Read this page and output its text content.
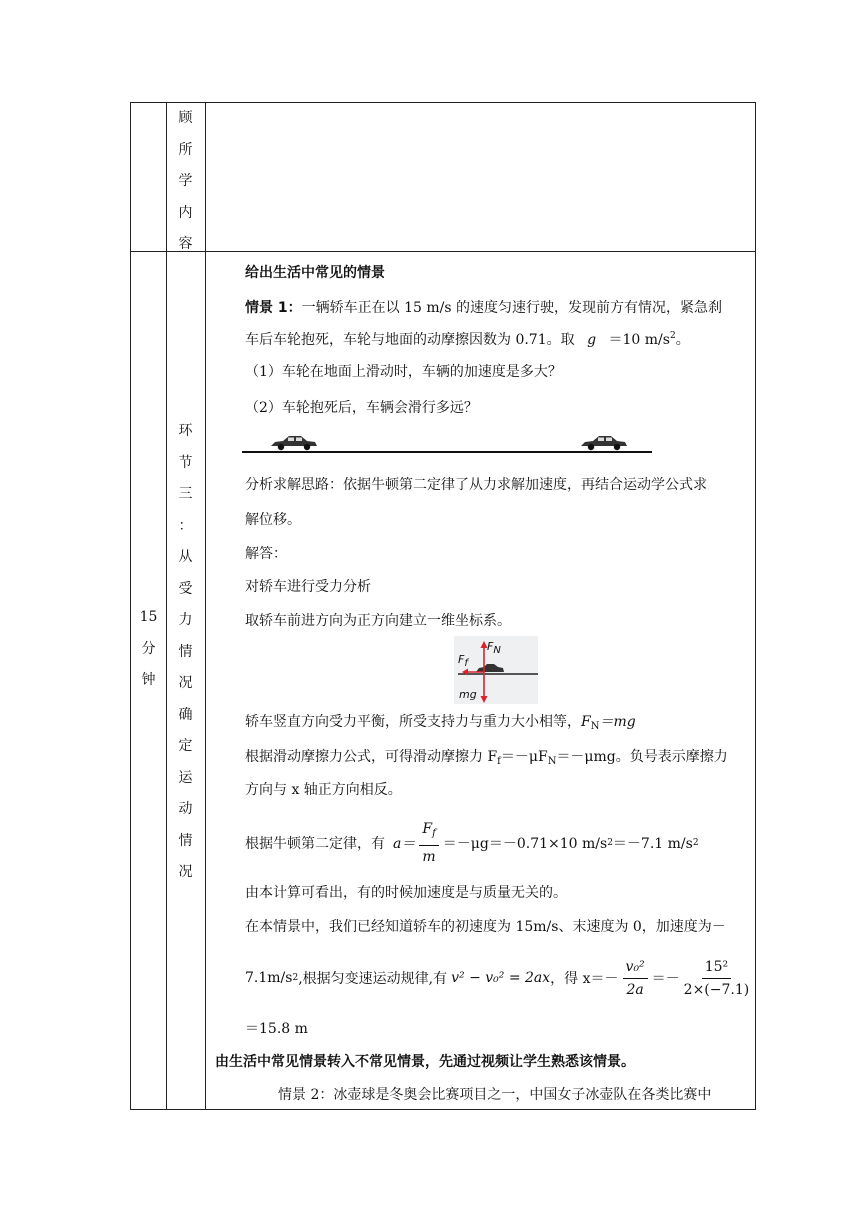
顾
所
学
内
容
15
分
钟
环
节
三
：
从
受
力
情
况
确
定
运
动
情
况
给出生活中常见的情景
情景 1：一辆轿车正在以 15 m/s 的速度匀速行驶，发现前方有情况，紧急刹
车后车轮抱死，车轮与地面的动摩擦因数为 0.71。取 g ＝10 $m/s^2$。
（1）车轮在地面上滑动时，车辆的加速度是多大？
（2）车轮抱死后，车辆会滑行多远？
分析求解思路：依据牛顿第二定律了从力求解加速度，再结合运动学公式求
解位移。
解答：
对轿车进行受力分析
取轿车前进方向为正方向建立一维坐标系。
FN
Ff
mg
轿车竖直方向受力平衡，所受支持力与重力大小相等，$F_N=mg$
根据滑动摩擦力公式，可得滑动摩擦力 $F_f=-\mu F_N=-\mu mg$。负号表示摩擦力
方向与 x 轴正方向相反。
根据牛顿第二定律，有 $a= \frac{F_f}{m} =-\mu g=-0.71\times 10$ m/s 2 ＝－7.1 m/s 2
由本计算可看出，有的时候加速度是与质量无关的。
在本情景中，我们已经知道轿车的初速度为 15m/s、末速度为 0，加速度为－
7.1m/s 2 ,根据匀变速运动规律,有 v² − v₀² = 2ax ，得 $x=- \frac{\text{v₀²}}{2a} =- \frac{\text{15²}}{2\times(-7.1)}$
＝15.8 m
由生活中常见情景转入不常见情景，先通过视频让学生熟悉该情景。
情景 2：冰壶球是冬奥会比赛项目之一，中国女子冰壶队在各类比赛中
